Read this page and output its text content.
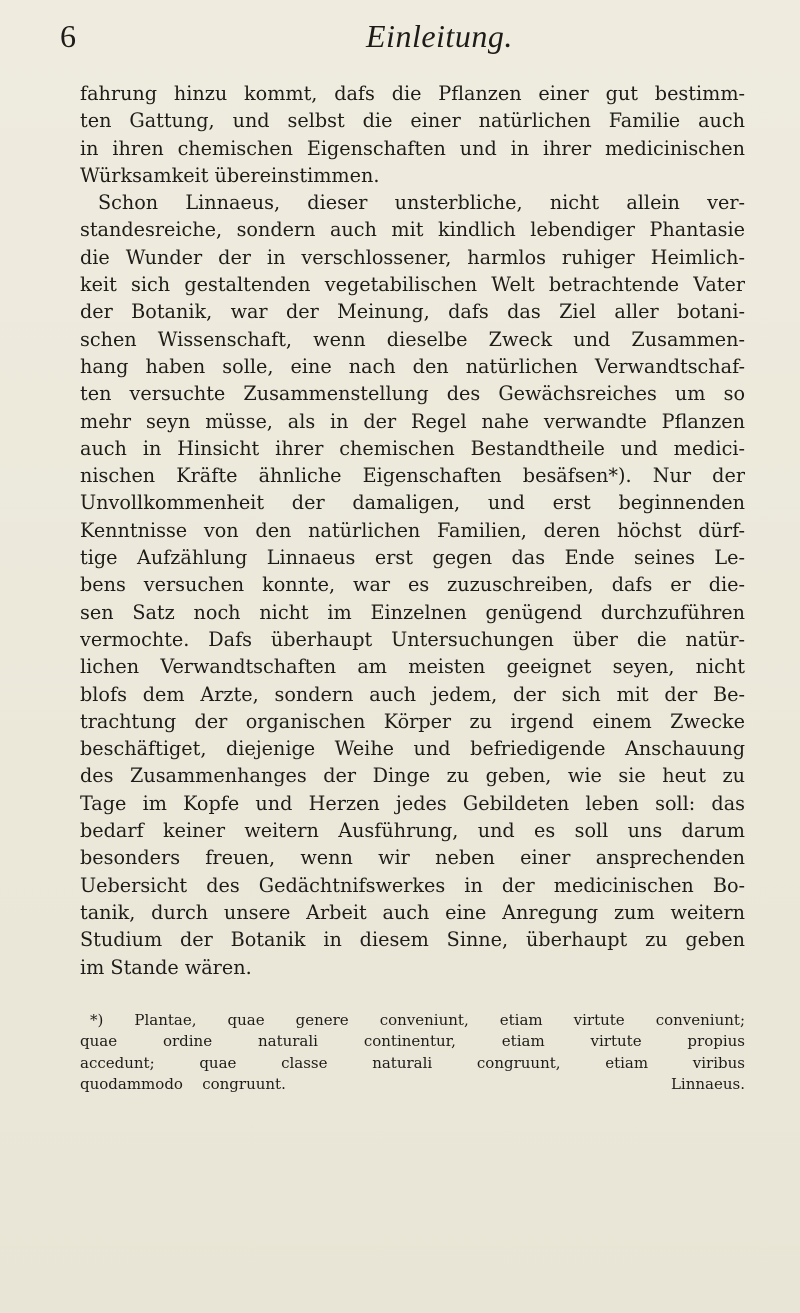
6	Einleitung.
fahrung hinzu kommt, dafs die Pflanzen einer gut bestimm-
ten Gattung, und selbst die einer natürlichen Familie auch
in ihren chemischen Eigenschaften und in ihrer medicinischen
Würksamkeit übereinstimmen.
Schon Linnaeus, dieser unsterbliche, nicht allein ver-
standesreiche, sondern auch mit kindlich lebendiger Phantasie
die Wunder der in verschlossener, harmlos ruhiger Heimlich-
keit sich gestaltenden vegetabilischen Welt betrachtende Vater
der Botanik, war der Meinung, dafs das Ziel aller botani-
schen Wissenschaft, wenn dieselbe Zweck und Zusammen-
hang haben solle, eine nach den natürlichen Verwandtschaf-
ten versuchte Zusammenstellung des Gewächsreiches um so
mehr seyn müsse, als in der Regel nahe verwandte Pflanzen
auch in Hinsicht ihrer chemischen Bestandtheile und medici-
nischen Kräfte ähnliche Eigenschaften besäfsen*). Nur der
Unvollkommenheit der damaligen, und erst beginnenden
Kenntnisse von den natürlichen Familien, deren höchst dürf-
tige Aufzählung Linnaeus erst gegen das Ende seines Le-
bens versuchen konnte, war es zuzuschreiben, dafs er die-
sen Satz noch nicht im Einzelnen genügend durchzuführen
vermochte. Dafs überhaupt Untersuchungen über die natür-
lichen Verwandtschaften am meisten geeignet seyen, nicht
blofs dem Arzte, sondern auch jedem, der sich mit der Be-
trachtung der organischen Körper zu irgend einem Zwecke
beschäftiget, diejenige Weihe und befriedigende Anschauung
des Zusammenhanges der Dinge zu geben, wie sie heut zu
Tage im Kopfe und Herzen jedes Gebildeten leben soll: das
bedarf keiner weitern Ausführung, und es soll uns darum
besonders freuen, wenn wir neben einer ansprechenden
Uebersicht des Gedächtnifswerkes in der medicinischen Bo-
tanik, durch unsere Arbeit auch eine Anregung zum weitern
Studium der Botanik in diesem Sinne, überhaupt zu geben
im Stande wären.
*) Plantae, quae genere conveniunt, etiam virtute conveniunt;
quae ordine naturali continentur, etiam virtute propius
accedunt; quae classe naturali congruunt, etiam viribus
quodammodo congruunt.                    Linnaeus.
